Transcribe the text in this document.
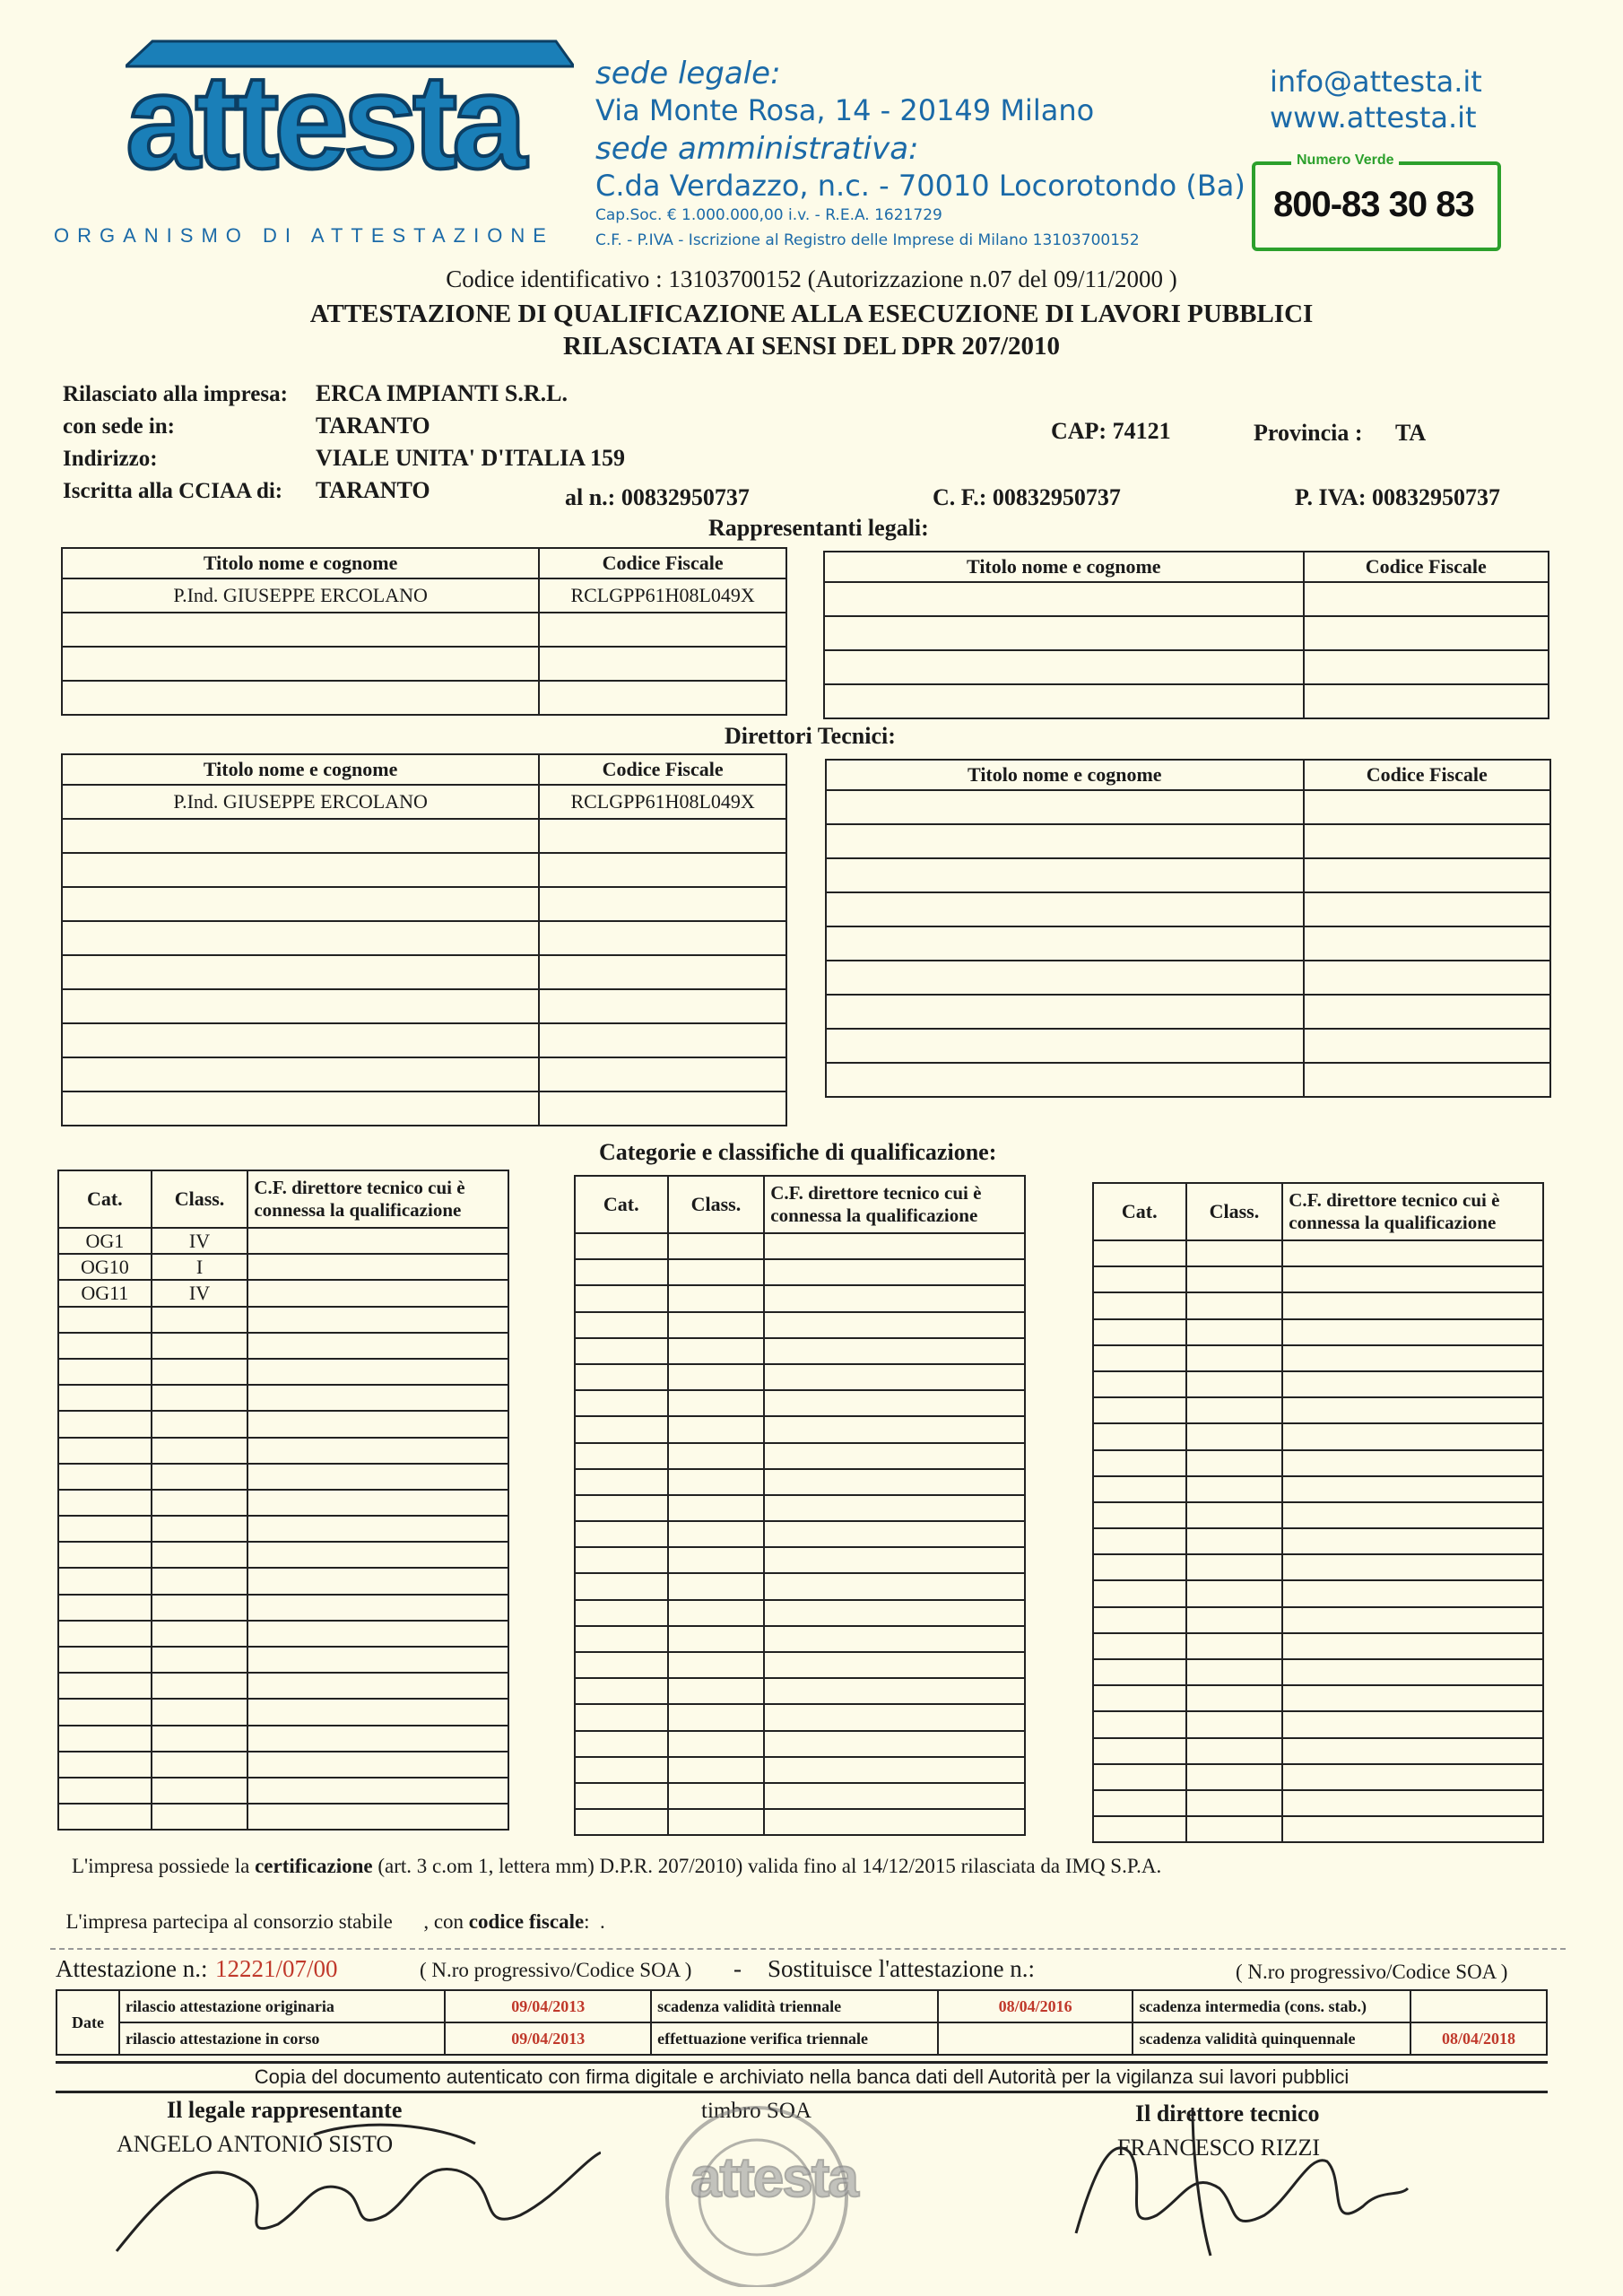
attesta
ORGANISMO DI ATTESTAZIONE
sede legale:
Via Monte Rosa, 14 - 20149 Milano
sede amministrativa:
C.da Verdazzo, n.c. - 70010 Locorotondo (Ba)
Cap.Soc. € 1.000.000,00 i.v. - R.E.A. 1621729
C.F. - P.IVA - Iscrizione al Registro delle Imprese di Milano 13103700152
info@attesta.it
www.attesta.it
Numero Verde
800-83 30 83
Codice identificativo : 13103700152 (Autorizzazione n.07 del 09/11/2000 )
ATTESTAZIONE DI QUALIFICAZIONE ALLA ESECUZIONE DI LAVORI PUBBLICI
RILASCIATA AI SENSI DEL DPR 207/2010
Rilasciato alla impresa: ERCA IMPIANTI S.R.L.
con sede in:	TARANTO	CAP: 74121	Provincia : TA
Indirizzo:	VIALE UNITA' D'ITALIA 159
Iscritta alla CCIAA di: TARANTO	al n.: 00832950737	C. F.: 00832950737	P. IVA: 00832950737
Rappresentanti legali:
Titolo nome e cognome	Codice Fiscale
P.Ind. GIUSEPPE ERCOLANO	RCLGPP61H08L049X

Titolo nome e cognome	Codice Fiscale

Direttori Tecnici:
Titolo nome e cognome	Codice Fiscale
P.Ind. GIUSEPPE ERCOLANO	RCLGPP61H08L049X

Titolo nome e cognome	Codice Fiscale

Categorie e classifiche di qualificazione:
Cat.	Class.	C.F. direttore tecnico cui è connessa la qualificazione
OG1	IV	
OG10	I	
OG11	IV	

Cat.	Class.	C.F. direttore tecnico cui è connessa la qualificazione

			Cat.	Class.	C.F. direttore tecnico cui è connessa la qualificazione

L'impresa possiede la certificazione (art. 3 c.om 1, lettera mm) D.P.R. 207/2010) valida fino al 14/12/2015 rilasciata da IMQ S.P.A.

L'impresa partecipa al consorzio stabile      , con codice fiscale:  .

Attestazione n.: 12221/07/00	( N.ro progressivo/Codice SOA ) - Sostituisce l'attestazione n.:	( N.ro progressivo/Codice SOA )
Date	rilascio attestazione originaria	09/04/2013	scadenza validità triennale	08/04/2016	scadenza intermedia (cons. stab.)	
	rilascio attestazione in corso	09/04/2013	effettuazione verifica triennale		scadenza validità quinquennale	08/04/2018
Copia del documento autenticato con firma digitale e archiviato nella banca dati dell Autorità per la vigilanza sui lavori pubblici
Il legale rappresentante
ANGELO ANTONIO SISTO
timbro SOA
attesta
Il direttore tecnico
FRANCESCO RIZZI
